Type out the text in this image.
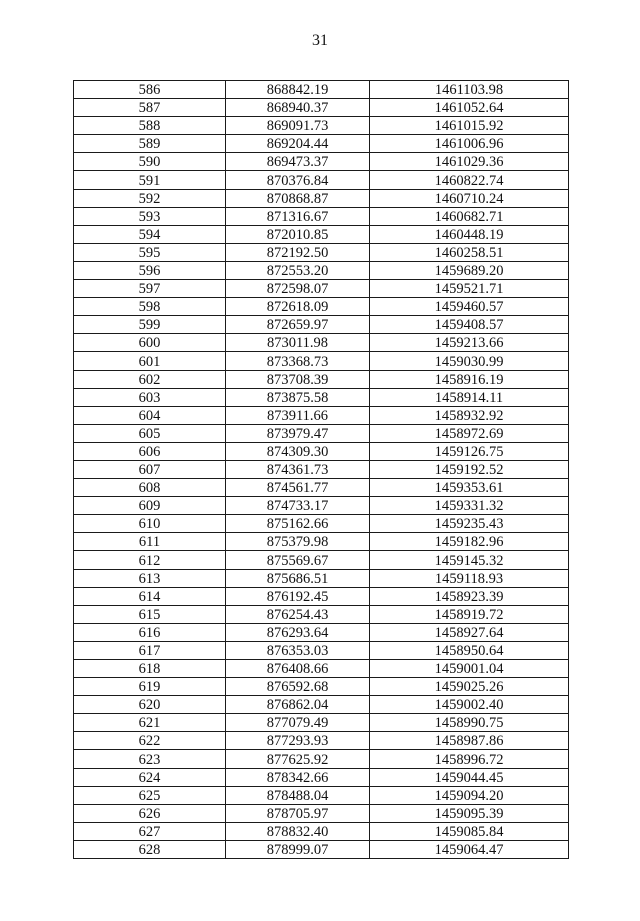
31
586	868842.19	1461103.98
587	868940.37	1461052.64
588	869091.73	1461015.92
589	869204.44	1461006.96
590	869473.37	1461029.36
591	870376.84	1460822.74
592	870868.87	1460710.24
593	871316.67	1460682.71
594	872010.85	1460448.19
595	872192.50	1460258.51
596	872553.20	1459689.20
597	872598.07	1459521.71
598	872618.09	1459460.57
599	872659.97	1459408.57
600	873011.98	1459213.66
601	873368.73	1459030.99
602	873708.39	1458916.19
603	873875.58	1458914.11
604	873911.66	1458932.92
605	873979.47	1458972.69
606	874309.30	1459126.75
607	874361.73	1459192.52
608	874561.77	1459353.61
609	874733.17	1459331.32
610	875162.66	1459235.43
611	875379.98	1459182.96
612	875569.67	1459145.32
613	875686.51	1459118.93
614	876192.45	1458923.39
615	876254.43	1458919.72
616	876293.64	1458927.64
617	876353.03	1458950.64
618	876408.66	1459001.04
619	876592.68	1459025.26
620	876862.04	1459002.40
621	877079.49	1458990.75
622	877293.93	1458987.86
623	877625.92	1458996.72
624	878342.66	1459044.45
625	878488.04	1459094.20
626	878705.97	1459095.39
627	878832.40	1459085.84
628	878999.07	1459064.47
